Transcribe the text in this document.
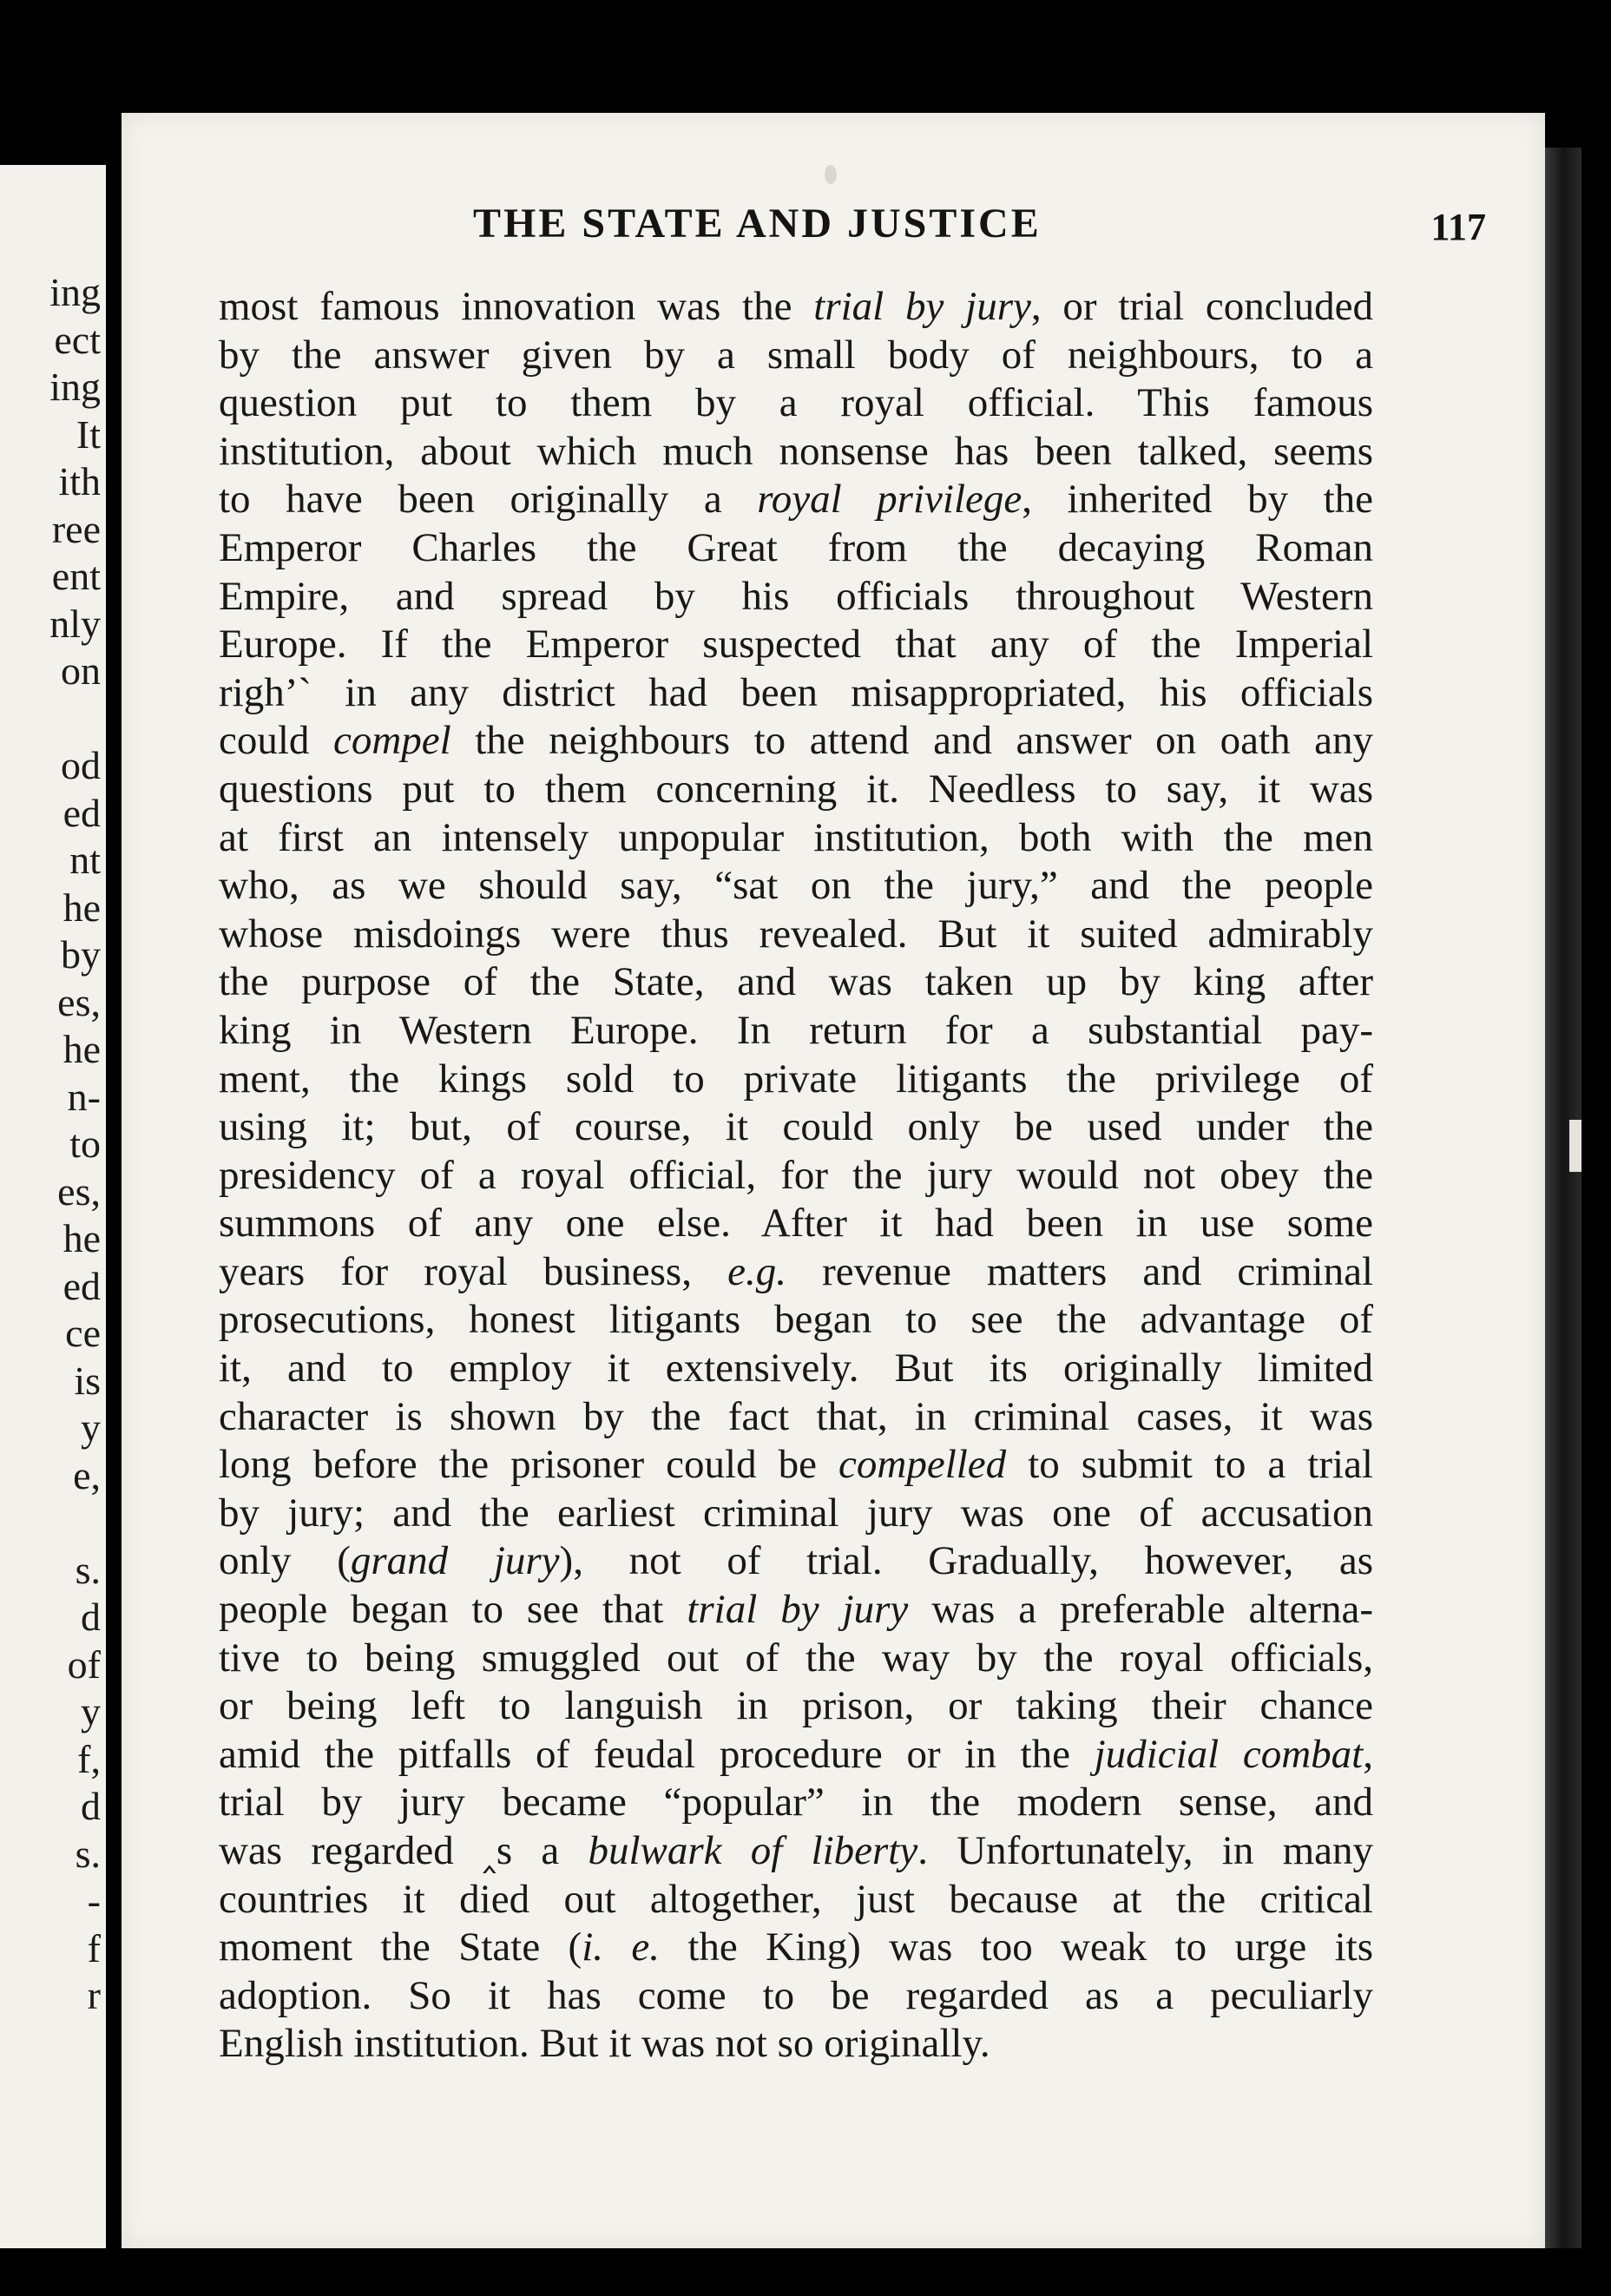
ing
ect
ing
It
ith
ree
ent
nly
on
od
ed
nt
he
by
es,
he
n-
to
es,
he
ed
ce
is
y
e,
s.
d
of
y
f,
d
s.
-
f
r
THE STATE AND JUSTICE	117
most famous innovation was the trial by jury, or trial concluded
by the answer given by a small body of neighbours, to a
question put to them by a royal official. This famous
institution, about which much nonsense has been talked, seems
to have been originally a royal privilege, inherited by the
Emperor Charles the Great from the decaying Roman
Empire, and spread by his officials throughout Western
Europe. If the Emperor suspected that any of the Imperial
righ’` in any district had been misappropriated, his officials
could compel the neighbours to attend and answer on oath any
questions put to them concerning it. Needless to say, it was
at first an intensely unpopular institution, both with the men
who, as we should say, “sat on the jury,” and the people
whose misdoings were thus revealed. But it suited admirably
the purpose of the State, and was taken up by king after
king in Western Europe. In return for a substantial pay-
ment, the kings sold to private litigants the privilege of
using it; but, of course, it could only be used under the
presidency of a royal official, for the jury would not obey the
summons of any one else. After it had been in use some
years for royal business, e.g. revenue matters and criminal
prosecutions, honest litigants began to see the advantage of
it, and to employ it extensively. But its originally limited
character is shown by the fact that, in criminal cases, it was
long before the prisoner could be compelled to submit to a trial
by jury; and the earliest criminal jury was one of accusation
only (grand jury), not of trial. Gradually, however, as
people began to see that trial by jury was a preferable alterna-
tive to being smuggled out of the way by the royal officials,
or being left to languish in prison, or taking their chance
amid the pitfalls of feudal procedure or in the judicial combat,
trial by jury became “popular” in the modern sense, and
was regarded ‸s a bulwark of liberty. Unfortunately, in many
countries it died out altogether, just because at the critical
moment the State (i. e. the King) was too weak to urge its
adoption. So it has come to be regarded as a peculiarly
English institution. But it was not so originally.
